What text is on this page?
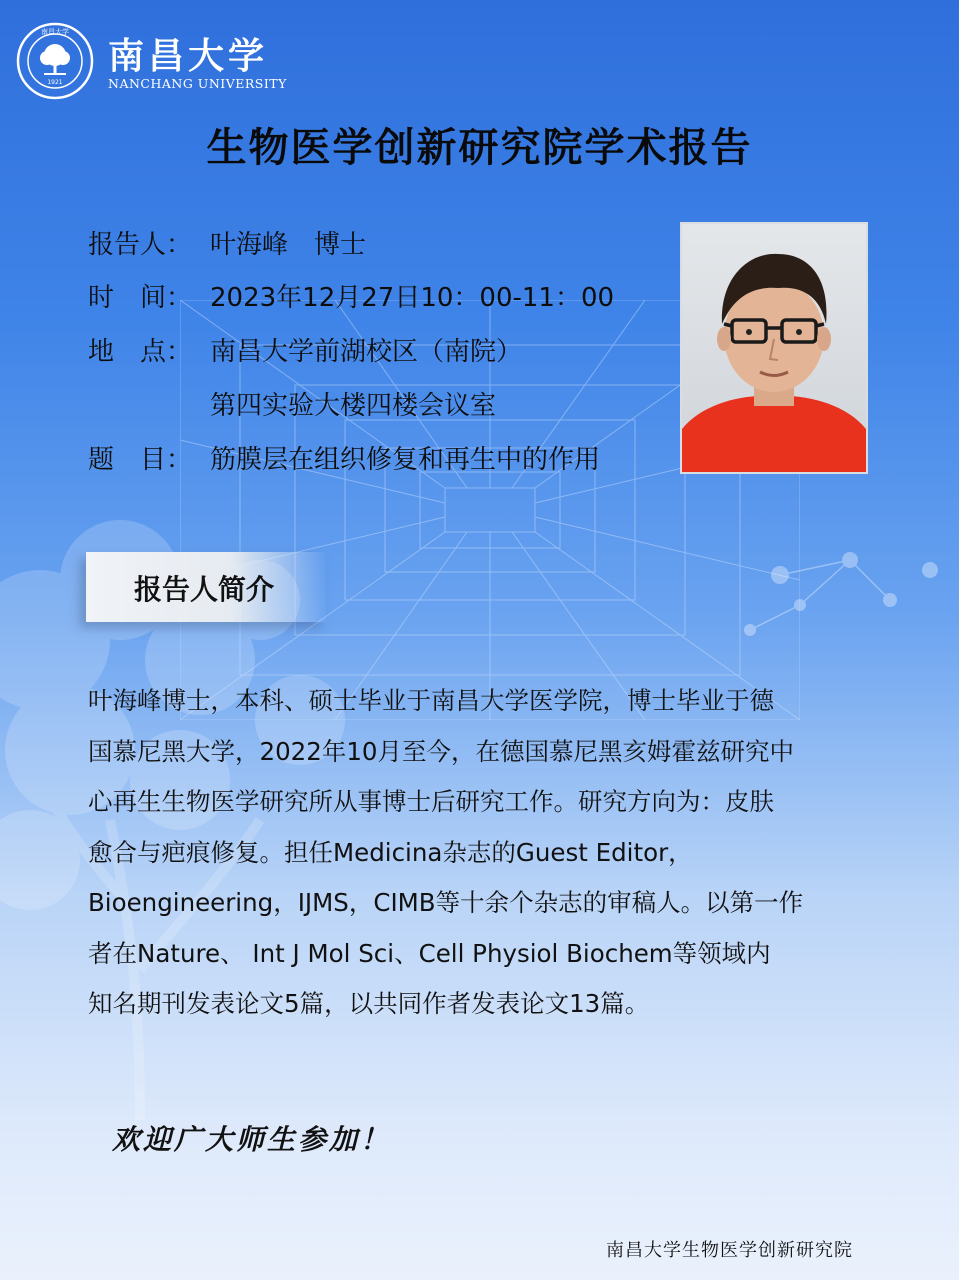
南昌大学
1921
南昌大学
NANCHANG UNIVERSITY
生物医学创新研究院学术报告
报告人： 叶海峰　博士
时　间： 2023年12月27日10：00-11：00
地　点： 南昌大学前湖校区（南院）
第四实验大楼四楼会议室
题　目： 筋膜层在组织修复和再生中的作用
报告人简介
叶海峰博士，本科、硕士毕业于南昌大学医学院，博士毕业于德
国慕尼黑大学，2022年10月至今，在德国慕尼黑亥姆霍兹研究中
心再生生物医学研究所从事博士后研究工作。研究方向为：皮肤
愈合与疤痕修复。担任Medicina杂志的Guest Editor，
Bioengineering，IJMS，CIMB等十余个杂志的审稿人。以第一作
者在Nature、 Int J Mol Sci、Cell Physiol Biochem等领域内
知名期刊发表论文5篇，以共同作者发表论文13篇。
欢迎广大师生参加！
南昌大学生物医学创新研究院
